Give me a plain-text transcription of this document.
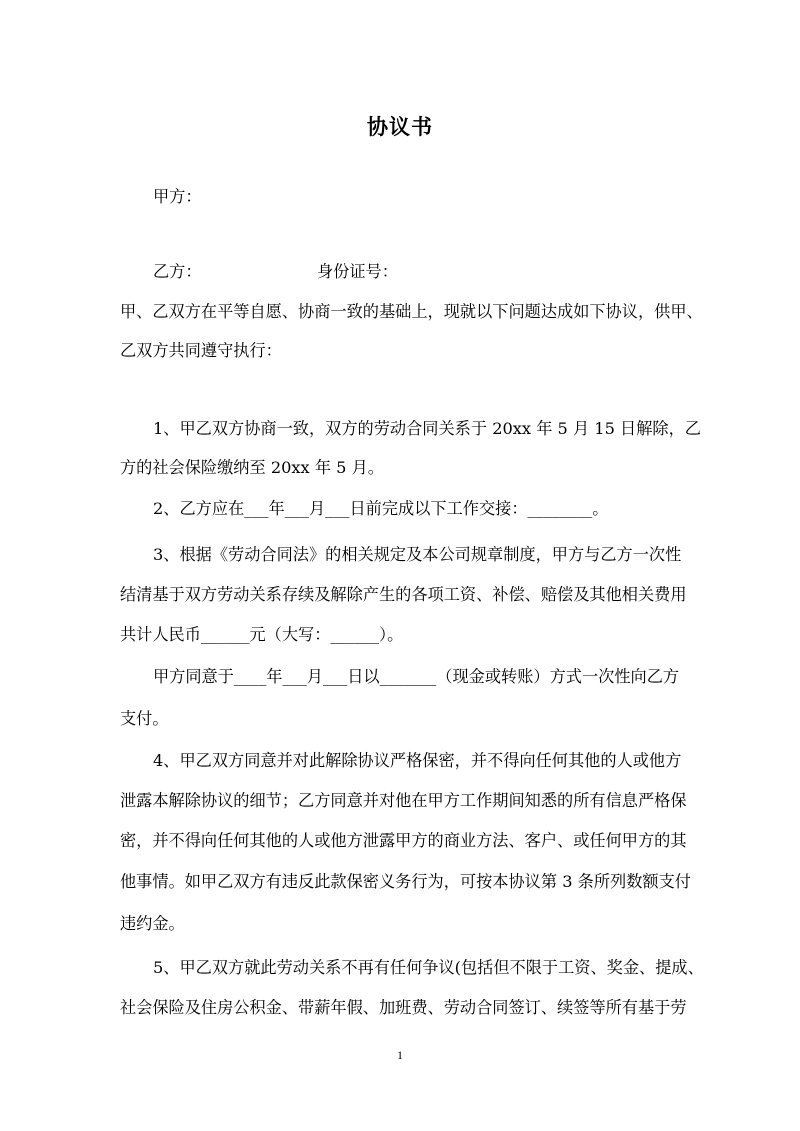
协议书
甲方：
乙方：	身份证号：
甲、乙双方在平等自愿、协商一致的基础上，现就以下问题达成如下协议，供甲、
乙双方共同遵守执行：
1、甲乙双方协商一致，双方的劳动合同关系于 20xx 年 5 月 15 日解除，乙
方的社会保险缴纳至 20xx 年 5 月。
2、乙方应在___年___月___日前完成以下工作交接：________。
3、根据《劳动合同法》的相关规定及本公司规章制度，甲方与乙方一次性
结清基于双方劳动关系存续及解除产生的各项工资、补偿、赔偿及其他相关费用
共计人民币______元（大写：______）。
甲方同意于____年___月___日以_______（现金或转账）方式一次性向乙方
支付。
4、甲乙双方同意并对此解除协议严格保密，并不得向任何其他的人或他方
泄露本解除协议的细节；乙方同意并对他在甲方工作期间知悉的所有信息严格保
密，并不得向任何其他的人或他方泄露甲方的商业方法、客户、或任何甲方的其
他事情。如甲乙双方有违反此款保密义务行为，可按本协议第 3 条所列数额支付
违约金。
5、甲乙双方就此劳动关系不再有任何争议(包括但不限于工资、奖金、提成、
社会保险及住房公积金、带薪年假、加班费、劳动合同签订、续签等所有基于劳
1
